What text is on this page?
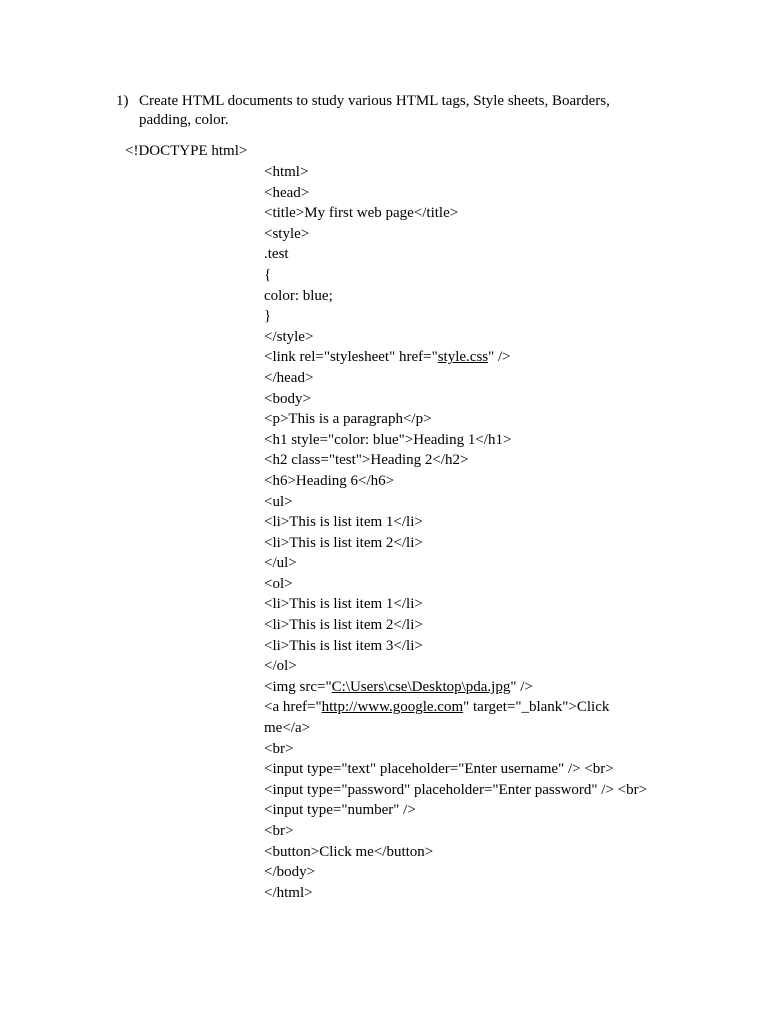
1) Create HTML documents to study various HTML tags, Style sheets, Boarders, padding, color.
<!DOCTYPE html>
<html>
<head>
<title>My first web page</title>
<style>
.test
{
color: blue;
}
</style>
<link rel="stylesheet" href="style.css" />
</head>
<body>
<p>This is a paragraph</p>
<h1 style="color: blue">Heading 1</h1>
<h2 class="test">Heading 2</h2>
<h6>Heading 6</h6>
<ul>
<li>This is list item 1</li>
<li>This is list item 2</li>
</ul>
<ol>
<li>This is list item 1</li>
<li>This is list item 2</li>
<li>This is list item 3</li>
</ol>
<img src="C:\Users\cse\Desktop\pda.jpg" />
<a href="http://www.google.com" target="_blank">Click me</a>
<br>
<input type="text" placeholder="Enter username" /> <br>
<input type="password" placeholder="Enter password" /> <br>
<input type="number" />
<br>
<button>Click me</button>
</body>
</html>
